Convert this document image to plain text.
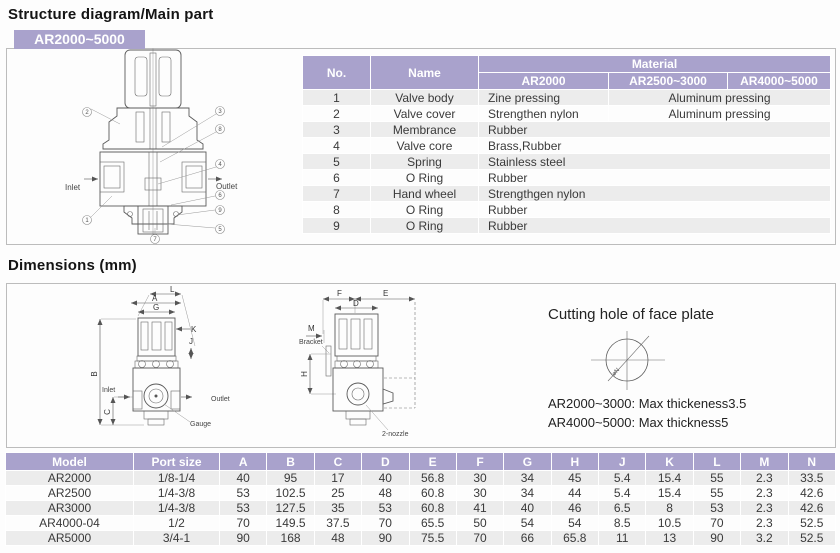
Structure diagram/Main part
AR2000~5000
Inlet	Outlet
2
1
3
8
4
6
9
5
7
No.	Name	Material		
		AR2000	AR2500~3000	AR4000~5000
1	Valve body	Zine pressing	Aluminum pressing	
2	Valve cover	Strengthen nylon	Aluminum pressing	
3	Membrance	Rubber		
4	Valve core	Brass,Rubber		
5	Spring	Stainless steel		
6	O Ring	Rubber		
7	Hand wheel	Strengthgen nylon		
8	O Ring	Rubber		
9	O Ring	Rubber		
Dimensions (mm)
L
A
G
K
J
B
C
Inlet
Outlet
Gauge
F	E
D
M
Bracket
H
2-nozzle
Cutting hole of face plate
øN
AR2000~3000: Max thickeness3.5
AR4000~5000: Max thickness5
Model	Port size	A	B	C	D	E	F	G	H	J	K	L	M	N
AR2000	1/8-1/4	40	95	17	40	56.8	30	34	45	5.4	15.4	55	2.3	33.5
AR2500	1/4-3/8	53	102.5	25	48	60.8	30	34	44	5.4	15.4	55	2.3	42.6
AR3000	1/4-3/8	53	127.5	35	53	60.8	41	40	46	6.5	8	53	2.3	42.6
AR4000-04	1/2	70	149.5	37.5	70	65.5	50	54	54	8.5	10.5	70	2.3	52.5
AR5000	3/4-1	90	168	48	90	75.5	70	66	65.8	11	13	90	3.2	52.5
